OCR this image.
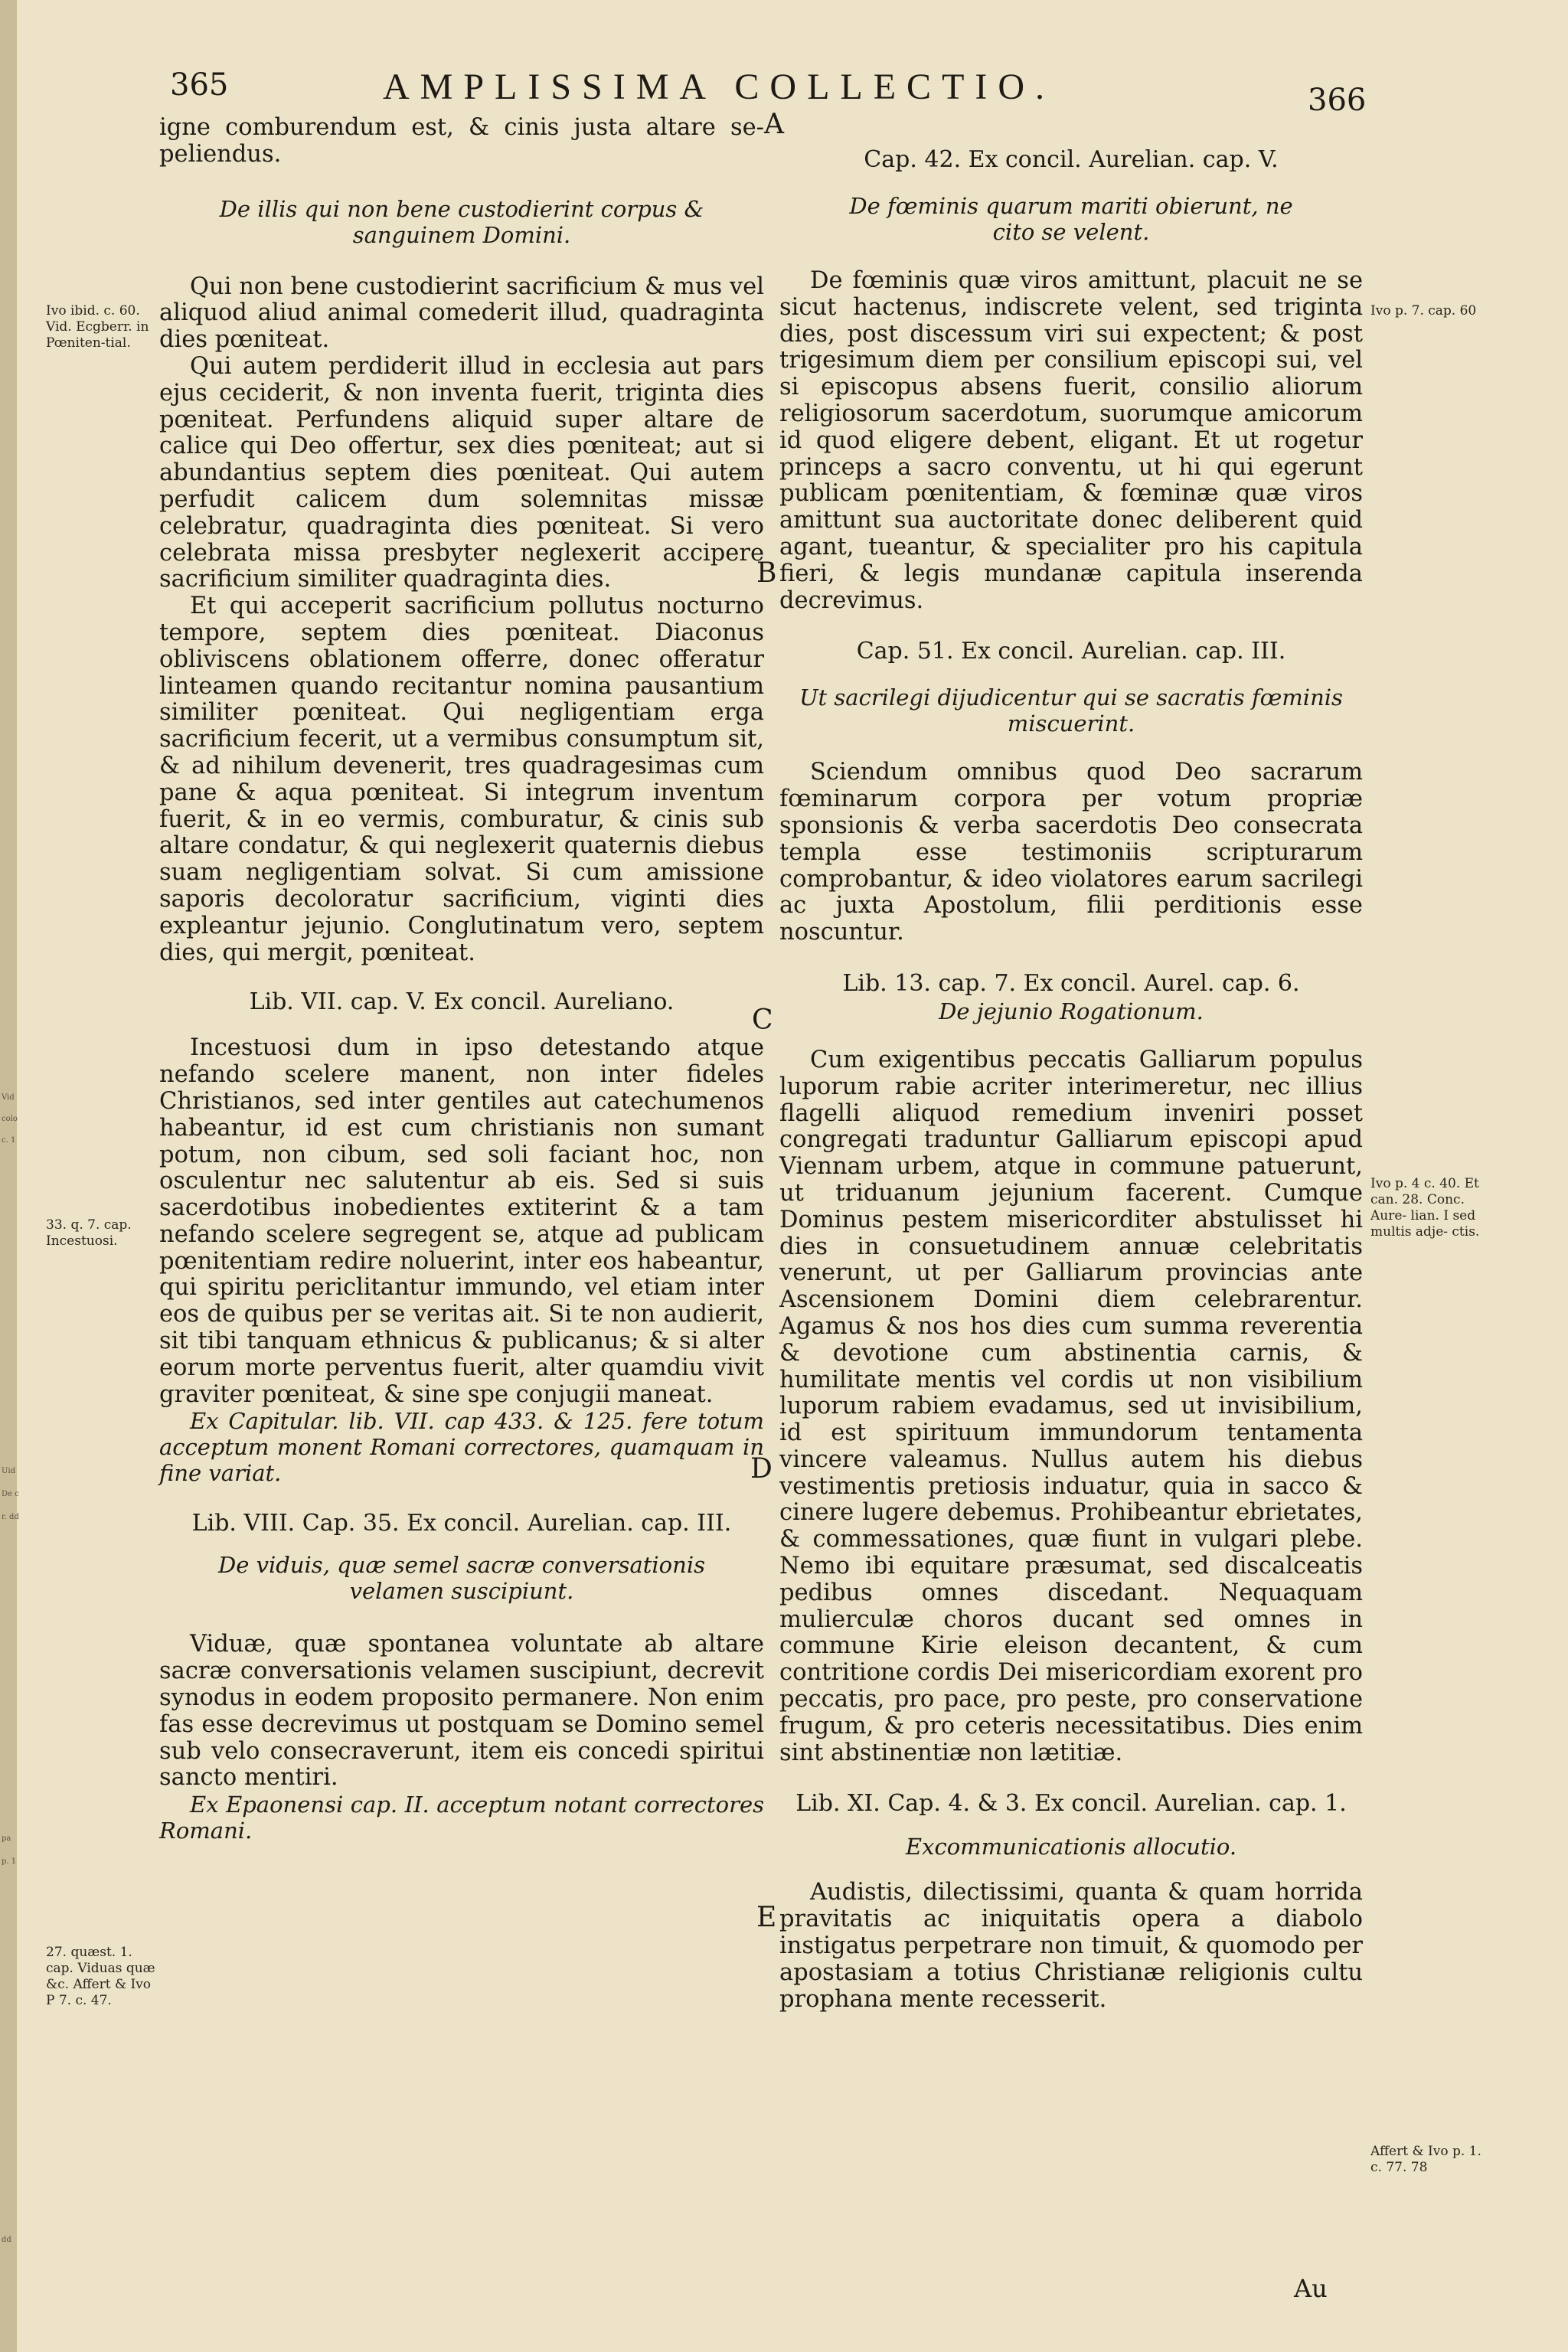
Vid
colo
c. 1
Uid
De c
r. dd
pa
p. 1
dd
365	AMPLISSIMA COLLECTIO.	366

igne comburendum est, & cinis justa altare se- peliendus.

De illis qui non bene custodierint corpus & sanguinem Domini.

Qui non bene custodierint sacrificium & mus vel aliquod aliud animal comederit illud, quadraginta dies pœniteat.

Qui autem perdiderit illud in ecclesia aut pars ejus ceciderit, & non inventa fuerit, triginta dies pœniteat. Perfundens aliquid super altare de calice qui Deo offertur, sex dies pœniteat; aut si abundantius septem dies pœniteat. Qui autem perfudit calicem dum solemnitas missæ celebratur, quadraginta dies pœniteat. Si vero celebrata missa presbyter neglexerit accipere sacrificium similiter quadraginta dies.

Et qui acceperit sacrificium pollutus nocturno tempore, septem dies pœniteat. Diaconus obliviscens oblationem offerre, donec offeratur linteamen quando recitantur nomina pausantium similiter pœniteat. Qui negligentiam erga sacrificium fecerit, ut a vermibus consumptum sit, & ad nihilum devenerit, tres quadragesimas cum pane & aqua pœniteat. Si integrum inventum fuerit, & in eo vermis, comburatur, & cinis sub altare condatur, & qui neglexerit quaternis diebus suam negligentiam solvat. Si cum amissione saporis decoloratur sacrificium, viginti dies expleantur jejunio. Conglutinatum vero, septem dies, qui mergit, pœniteat.

Lib. VII. cap. V. Ex concil. Aureliano.

Incestuosi dum in ipso detestando atque nefando scelere manent, non inter fideles Christianos, sed inter gentiles aut catechumenos habeantur, id est cum christianis non sumant potum, non cibum, sed soli faciant hoc, non osculentur nec salutentur ab eis. Sed si suis sacerdotibus inobedientes extiterint & a tam nefando scelere segregent se, atque ad publicam pœnitentiam redire noluerint, inter eos habeantur, qui spiritu periclitantur immundo, vel etiam inter eos de quibus per se veritas ait. Si te non audierit, sit tibi tanquam ethnicus & publicanus; & si alter eorum morte perventus fuerit, alter quamdiu vivit graviter pœniteat, & sine spe conjugii maneat.

Ex Capitular. lib. VII. cap 433. & 125. fere totum acceptum monent Romani correctores, quamquam in fine variat.
Lib. VIII. Cap. 35. Ex concil. Aurelian. cap. III.
De viduis, quæ semel sacræ conversationis velamen suscipiunt.

Viduæ, quæ spontanea voluntate ab altare sacræ conversationis velamen suscipiunt, decrevit synodus in eodem proposito permanere. Non enim fas esse decrevimus ut postquam se Domino semel sub velo consecraverunt, item eis concedi spiritui sancto mentiri.

Ex Epaonensi cap. II. acceptum notant correctores Romani.
Cap. 42. Ex concil. Aurelian. cap. V.
De fœminis quarum mariti obierunt, ne cito se velent.

De fœminis quæ viros amittunt, placuit ne se sicut hactenus, indiscrete velent, sed triginta dies, post discessum viri sui expectent; & post trigesimum diem per consilium episcopi sui, vel si episcopus absens fuerit, consilio aliorum religiosorum sacerdotum, suorumque amicorum id quod eligere debent, eligant. Et ut rogetur princeps a sacro conventu, ut hi qui egerunt publicam pœnitentiam, & fœminæ quæ viros amittunt sua auctoritate donec deliberent quid agant, tueantur, & specialiter pro his capitula fieri, & legis mundanæ capitula inserenda decrevimus.

Cap. 51. Ex concil. Aurelian. cap. III.
Ut sacrilegi dijudicentur qui se sacratis fœminis miscuerint.

Sciendum omnibus quod Deo sacrarum fœminarum corpora per votum propriæ sponsionis & verba sacerdotis Deo consecrata templa esse testimoniis scripturarum comprobantur, & ideo violatores earum sacrilegi ac juxta Apostolum, filii perditionis esse noscuntur.

Lib. 13. cap. 7. Ex concil. Aurel. cap. 6.
De jejunio Rogationum.

Cum exigentibus peccatis Galliarum populus luporum rabie acriter interimeretur, nec illius flagelli aliquod remedium inveniri posset congregati traduntur Galliarum episcopi apud Viennam urbem, atque in commune patuerunt, ut triduanum jejunium facerent. Cumque Dominus pestem misericorditer abstulisset hi dies in consuetudinem annuæ celebritatis venerunt, ut per Galliarum provincias ante Ascensionem Domini diem celebrarentur. Agamus & nos hos dies cum summa reverentia & devotione cum abstinentia carnis, & humilitate mentis vel cordis ut non visibilium luporum rabiem evadamus, sed ut invisibilium, id est spirituum immundorum tentamenta vincere valeamus. Nullus autem his diebus vestimentis pretiosis induatur, quia in sacco & cinere lugere debemus. Prohibeantur ebrietates, & commessationes, quæ fiunt in vulgari plebe. Nemo ibi equitare præsumat, sed discalceatis pedibus omnes discedant. Nequaquam mulierculæ choros ducant sed omnes in commune Kirie eleison decantent, & cum contritione cordis Dei misericordiam exorent pro peccatis, pro pace, pro peste, pro conservatione frugum, & pro ceteris necessitatibus. Dies enim sint abstinentiæ non lætitiæ.

Lib. XI. Cap. 4. & 3. Ex concil. Aurelian. cap. 1.
Excommunicationis allocutio.

Audistis, dilectissimi, quanta & quam horrida pravitatis ac iniquitatis opera a diabolo instigatus perpetrare non timuit, & quomodo per apostasiam a totius Christianæ religionis cultu prophana mente recesserit.

A
B
C
D
E
Ivo ibid. c. 60. Vid. Ecgberr. in Pœniten-tial.
33. q. 7. cap. Incestuosi.
27. quæst. 1. cap. Viduas quæ &c. Affert & Ivo P 7. c. 47.
Ivo p. 7. cap. 60
Ivo p. 4 c. 40. Et can. 28. Conc. Aure- lian. I sed multis adje- ctis.
Affert & Ivo p. 1. c. 77. 78
Au
